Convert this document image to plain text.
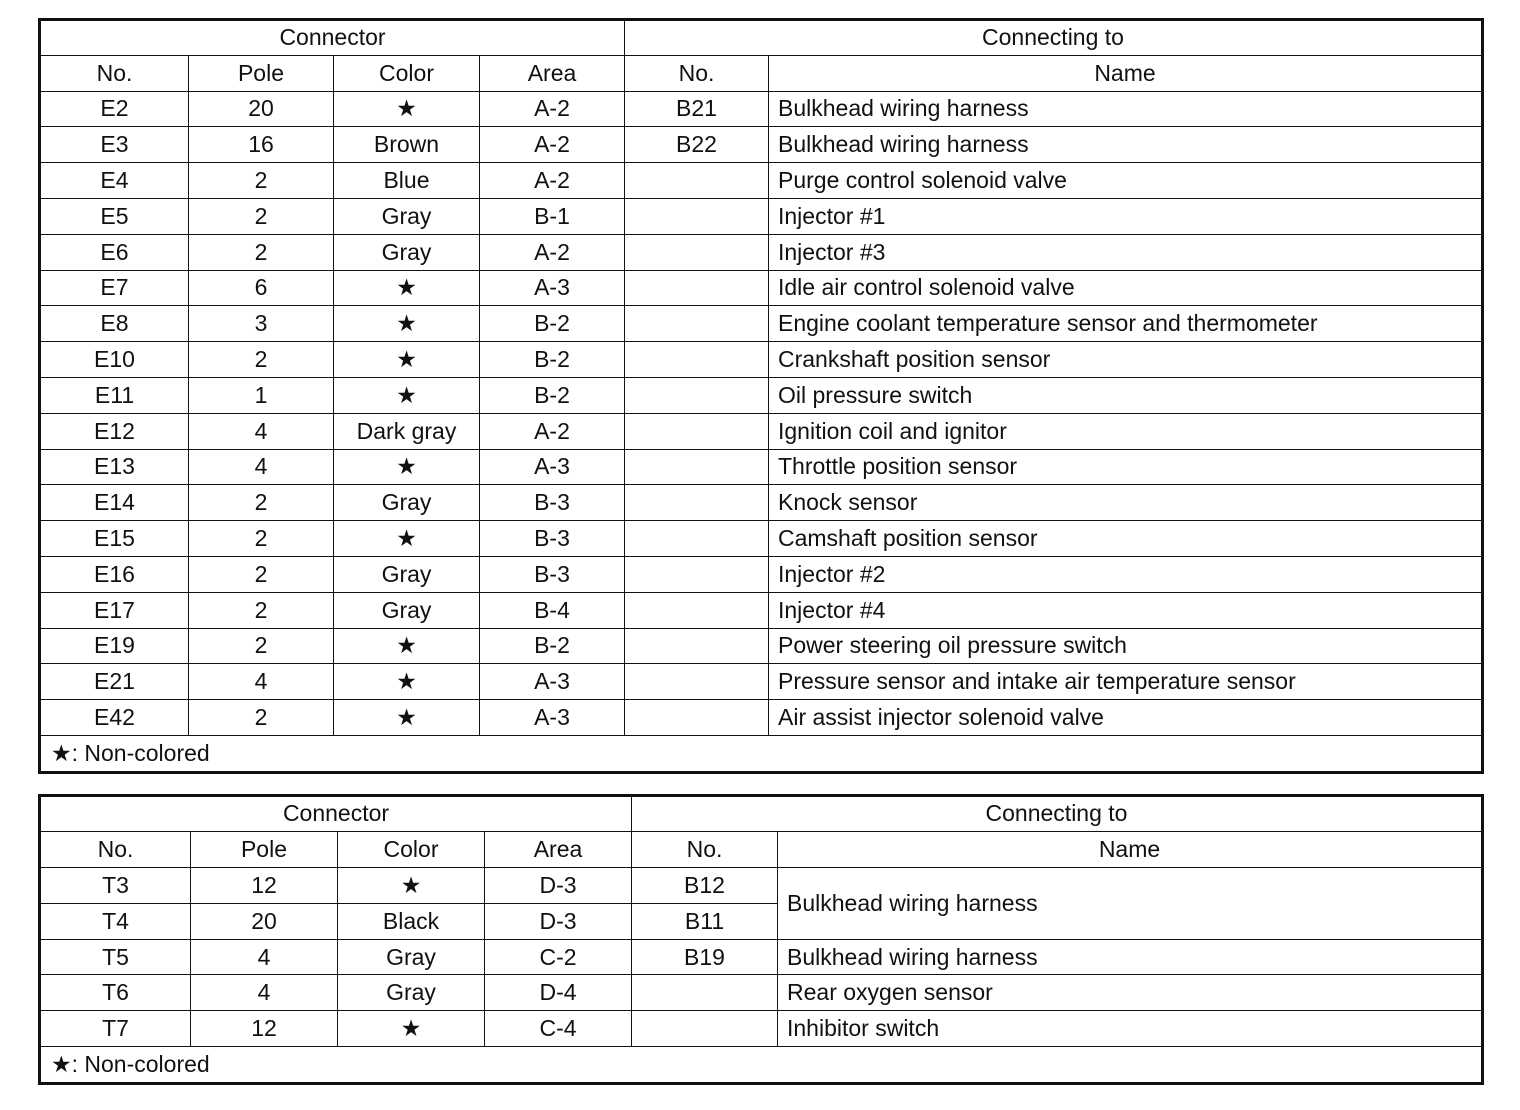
Connector				Connecting to	
No.	Pole	Color	Area	No.	Name
E2	20	★	A-2	B21	Bulkhead wiring harness
E3	16	Brown	A-2	B22	Bulkhead wiring harness
E4	2	Blue	A-2		Purge control solenoid valve
E5	2	Gray	B-1		Injector #1
E6	2	Gray	A-2		Injector #3
E7	6	★	A-3		Idle air control solenoid valve
E8	3	★	B-2		Engine coolant temperature sensor and thermometer
E10	2	★	B-2		Crankshaft position sensor
E11	1	★	B-2		Oil pressure switch
E12	4	Dark gray	A-2		Ignition coil and ignitor
E13	4	★	A-3		Throttle position sensor
E14	2	Gray	B-3		Knock sensor
E15	2	★	B-3		Camshaft position sensor
E16	2	Gray	B-3		Injector #2
E17	2	Gray	B-4		Injector #4
E19	2	★	B-2		Power steering oil pressure switch
E21	4	★	A-3		Pressure sensor and intake air temperature sensor
E42	2	★	A-3		Air assist injector solenoid valve
★: Non-colored					
Connector				Connecting to	
No.	Pole	Color	Area	No.	Name
T3	12	★	D-3	B12	Bulkhead wiring harness
T4	20	Black	D-3	B11	
T5	4	Gray	C-2	B19	Bulkhead wiring harness
T6	4	Gray	D-4		Rear oxygen sensor
T7	12	★	C-4		Inhibitor switch
★: Non-colored					
